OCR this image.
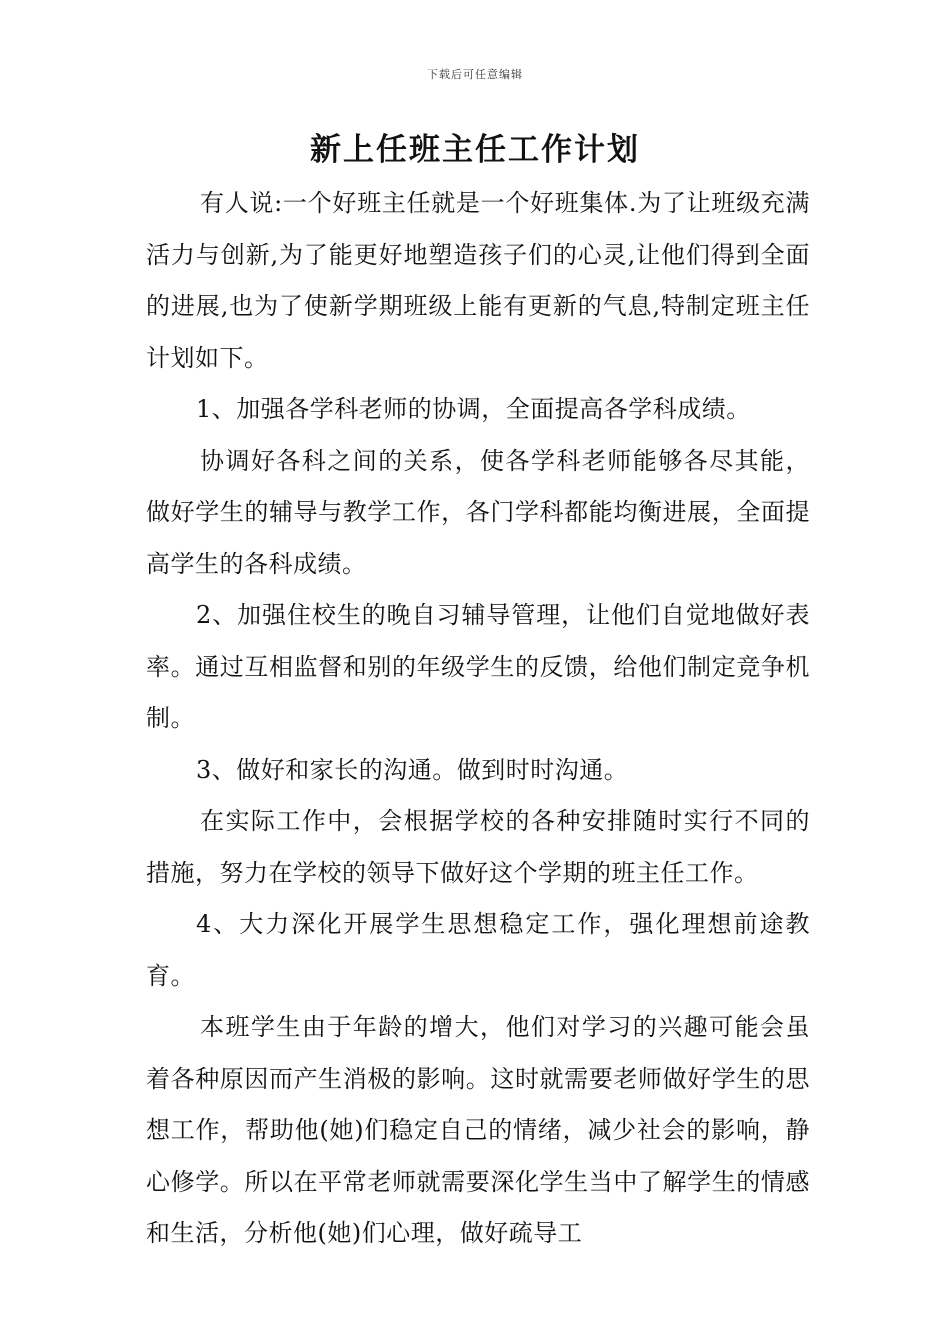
下载后可任意编辑
新上任班主任工作计划

有人说:一个好班主任就是一个好班集体.为了让班级充满活力与创新,为了能更好地塑造孩子们的心灵,让他们得到全面的进展,也为了使新学期班级上能有更新的气息,特制定班主任计划如下。

1、加强各学科老师的协调，全面提高各学科成绩。

协调好各科之间的关系，使各学科老师能够各尽其能，做好学生的辅导与教学工作，各门学科都能均衡进展，全面提高学生的各科成绩。

2、加强住校生的晚自习辅导管理，让他们自觉地做好表率。通过互相监督和别的年级学生的反馈，给他们制定竞争机制。

3、做好和家长的沟通。做到时时沟通。

在实际工作中，会根据学校的各种安排随时实行不同的措施，努力在学校的领导下做好这个学期的班主任工作。

4、大力深化开展学生思想稳定工作，强化理想前途教育。

本班学生由于年龄的增大，他们对学习的兴趣可能会虽着各种原因而产生消极的影响。这时就需要老师做好学生的思想工作，帮助他(她)们稳定自己的情绪，减少社会的影响，静心修学。所以在平常老师就需要深化学生当中了解学生的情感和生活，分析他(她)们心理，做好疏导工
